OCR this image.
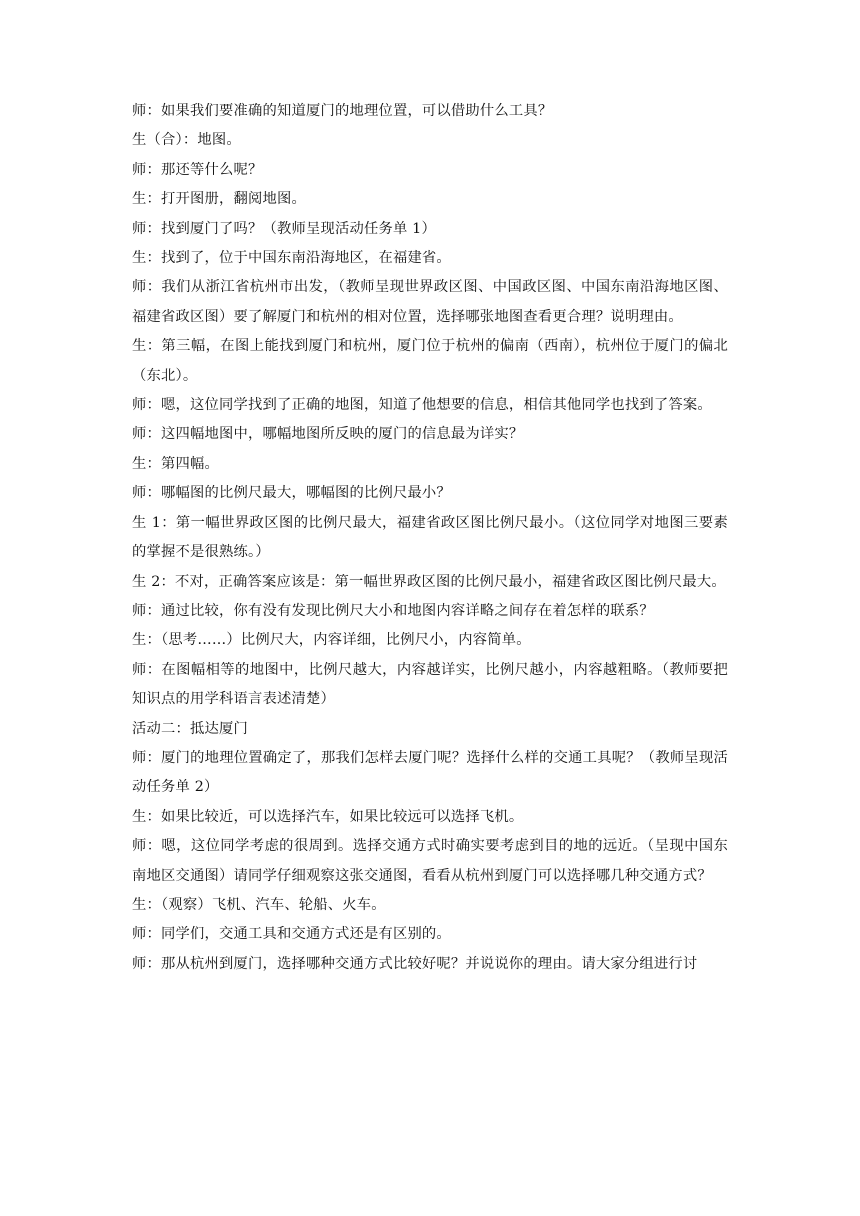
师：如果我们要准确的知道厦门的地理位置，可以借助什么工具？

生（合）：地图。

师：那还等什么呢？

生：打开图册，翻阅地图。

师：找到厦门了吗？（教师呈现活动任务单 1）

生：找到了，位于中国东南沿海地区，在福建省。

师：我们从浙江省杭州市出发，（教师呈现世界政区图、中国政区图、中国东南沿海地区图、福建省政区图）要了解厦门和杭州的相对位置，选择哪张地图查看更合理？说明理由。

生：第三幅，在图上能找到厦门和杭州，厦门位于杭州的偏南（西南），杭州位于厦门的偏北（东北）。

师：嗯，这位同学找到了正确的地图，知道了他想要的信息，相信其他同学也找到了答案。

师：这四幅地图中，哪幅地图所反映的厦门的信息最为详实？

生：第四幅。

师：哪幅图的比例尺最大，哪幅图的比例尺最小？

生 1：第一幅世界政区图的比例尺最大，福建省政区图比例尺最小。（这位同学对地图三要素的掌握不是很熟练。）

生 2：不对，正确答案应该是：第一幅世界政区图的比例尺最小，福建省政区图比例尺最大。

师：通过比较，你有没有发现比例尺大小和地图内容详略之间存在着怎样的联系？

生：（思考……）比例尺大，内容详细，比例尺小，内容简单。

师：在图幅相等的地图中，比例尺越大，内容越详实，比例尺越小，内容越粗略。（教师要把知识点的用学科语言表述清楚）

活动二：抵达厦门

师：厦门的地理位置确定了，那我们怎样去厦门呢？选择什么样的交通工具呢？（教师呈现活动任务单 2）

生：如果比较近，可以选择汽车，如果比较远可以选择飞机。

师：嗯，这位同学考虑的很周到。选择交通方式时确实要考虑到目的地的远近。（呈现中国东南地区交通图）请同学仔细观察这张交通图，看看从杭州到厦门可以选择哪几种交通方式？

生：（观察）飞机、汽车、轮船、火车。

师：同学们，交通工具和交通方式还是有区别的。

师：那从杭州到厦门，选择哪种交通方式比较好呢？并说说你的理由。请大家分组进行讨
